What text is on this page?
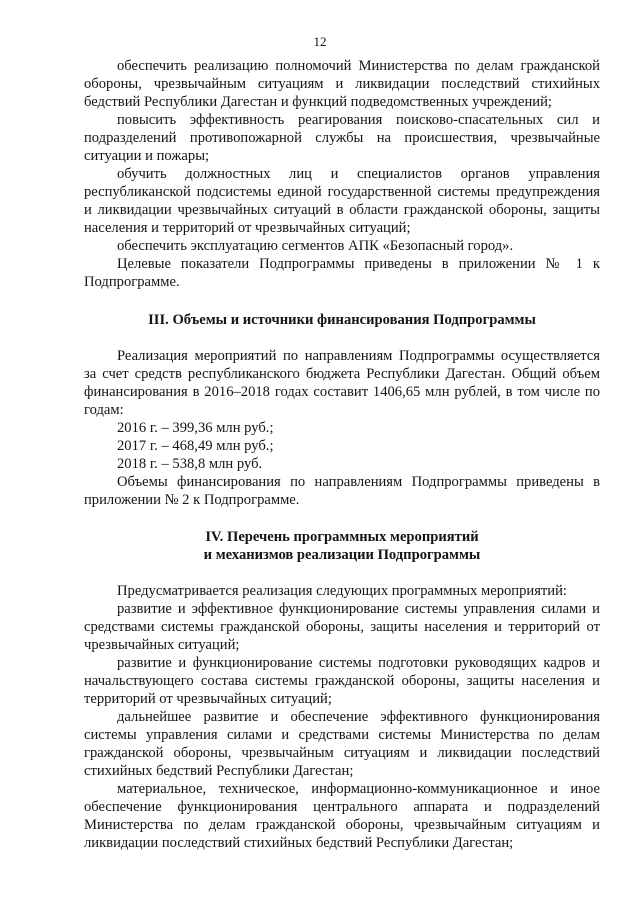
12

обеспечить реализацию полномочий Министерства по делам гражданской обороны, чрезвычайным ситуациям и ликвидации последствий стихийных бедствий Республики Дагестан и функций подведомственных учреждений;

повысить эффективность реагирования поисково-спасательных сил и подразделений противопожарной службы на происшествия, чрезвычайные ситуации и пожары;

обучить должностных лиц и специалистов органов управления республиканской подсистемы единой государственной системы предупреждения и ликвидации чрезвычайных ситуаций в области гражданской обороны, защиты населения и территорий от чрезвычайных ситуаций;

обеспечить эксплуатацию сегментов АПК «Безопасный город».

Целевые показатели Подпрограммы приведены в приложении № 1 к Подпрограмме.

III. Объемы и источники финансирования Подпрограммы

Реализация мероприятий по направлениям Подпрограммы осуществляется за счет средств республиканского бюджета Республики Дагестан. Общий объем финансирования в 2016–2018 годах составит 1406,65 млн рублей, в том числе по годам:

2016 г. – 399,36 млн руб.;

2017 г. – 468,49 млн руб.;

2018 г. – 538,8 млн руб.

Объемы финансирования по направлениям Подпрограммы приведены в приложении № 2 к Подпрограмме.

IV. Перечень программных мероприятий
и механизмов реализации Подпрограммы

Предусматривается реализация следующих программных мероприятий:

развитие и эффективное функционирование системы управления силами и средствами системы гражданской обороны, защиты населения и территорий от чрезвычайных ситуаций;

развитие и функционирование системы подготовки руководящих кадров и начальствующего состава системы гражданской обороны, защиты населения и территорий от чрезвычайных ситуаций;

дальнейшее развитие и обеспечение эффективного функционирования системы управления силами и средствами системы Министерства по делам гражданской обороны, чрезвычайным ситуациям и ликвидации последствий стихийных бедствий Республики Дагестан;

материальное, техническое, информационно-коммуникационное и иное обеспечение функционирования центрального аппарата и подразделений Министерства по делам гражданской обороны, чрезвычайным ситуациям и ликвидации последствий стихийных бедствий Республики Дагестан;
